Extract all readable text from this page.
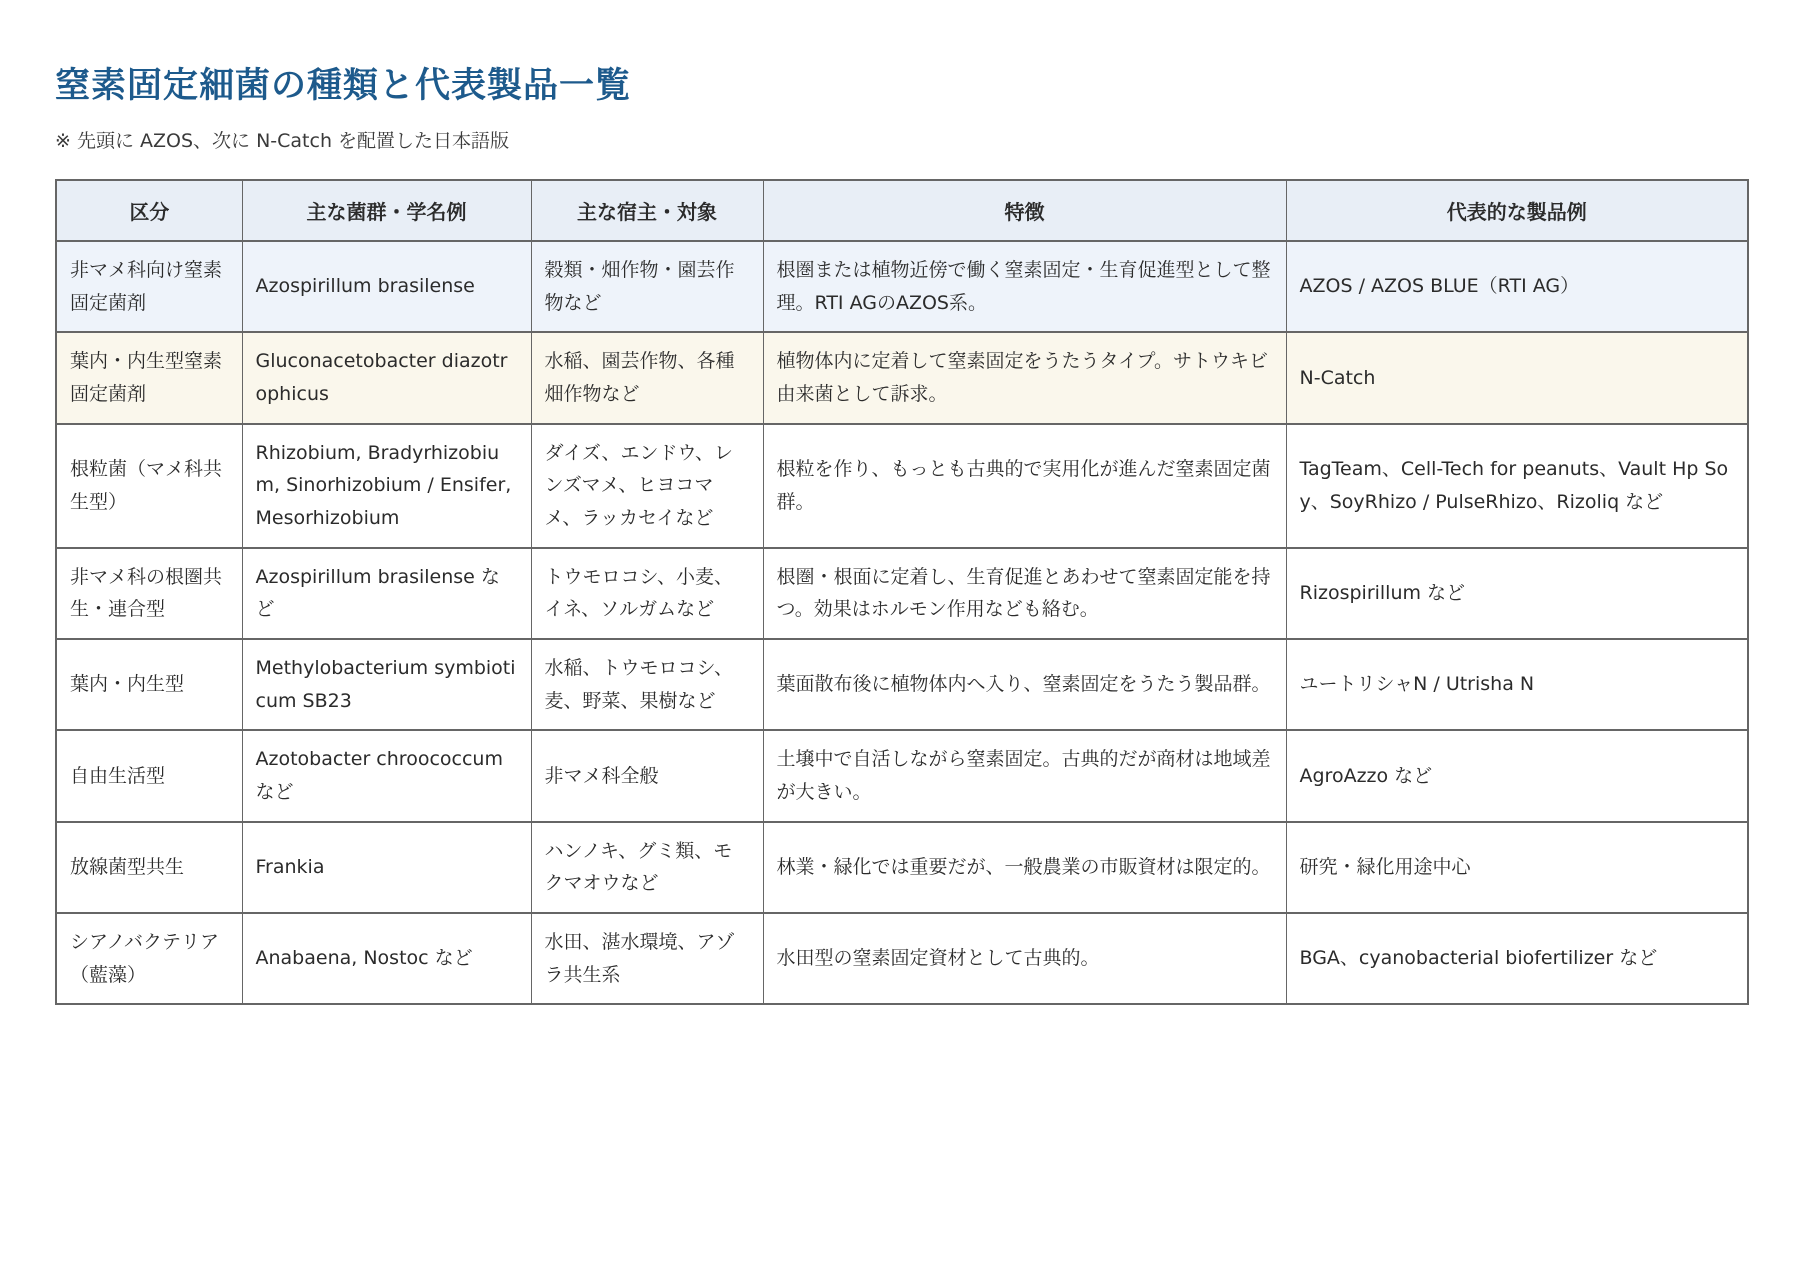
窒素固定細菌の種類と代表製品一覧

※ 先頭に AZOS、次に N-Catch を配置した日本語版

区分	主な菌群・学名例	主な宿主・対象	特徴	代表的な製品例
非マメ科向け窒素固定菌剤	Azospirillum brasilense	穀類・畑作物・園芸作物など	根圏または植物近傍で働く窒素固定・生育促進型として整理。RTI AGのAZOS系。	AZOS / AZOS BLUE（RTI AG）
葉内・内生型窒素固定菌剤	Gluconacetobacter diazotrophicus	水稲、園芸作物、各種畑作物など	植物体内に定着して窒素固定をうたうタイプ。サトウキビ由来菌として訴求。	N-Catch
根粒菌（マメ科共生型）	Rhizobium, Bradyrhizobium, Sinorhizobium / Ensifer, Mesorhizobium	ダイズ、エンドウ、レンズマメ、ヒヨコマメ、ラッカセイなど	根粒を作り、もっとも古典的で実用化が進んだ窒素固定菌群。	TagTeam、Cell-Tech for peanuts、Vault Hp Soy、SoyRhizo / PulseRhizo、Rizoliq など
非マメ科の根圏共生・連合型	Azospirillum brasilense など	トウモロコシ、小麦、イネ、ソルガムなど	根圏・根面に定着し、生育促進とあわせて窒素固定能を持つ。効果はホルモン作用なども絡む。	Rizospirillum など
葉内・内生型	Methylobacterium symbioticum SB23	水稲、トウモロコシ、麦、野菜、果樹など	葉面散布後に植物体内へ入り、窒素固定をうたう製品群。	ユートリシャN / Utrisha N
自由生活型	Azotobacter chroococcum など	非マメ科全般	土壌中で自活しながら窒素固定。古典的だが商材は地域差が大きい。	AgroAzzo など
放線菌型共生	Frankia	ハンノキ、グミ類、モクマオウなど	林業・緑化では重要だが、一般農業の市販資材は限定的。	研究・緑化用途中心
シアノバクテリア（藍藻）	Anabaena, Nostoc など	水田、湛水環境、アゾラ共生系	水田型の窒素固定資材として古典的。	BGA、cyanobacterial biofertilizer など
